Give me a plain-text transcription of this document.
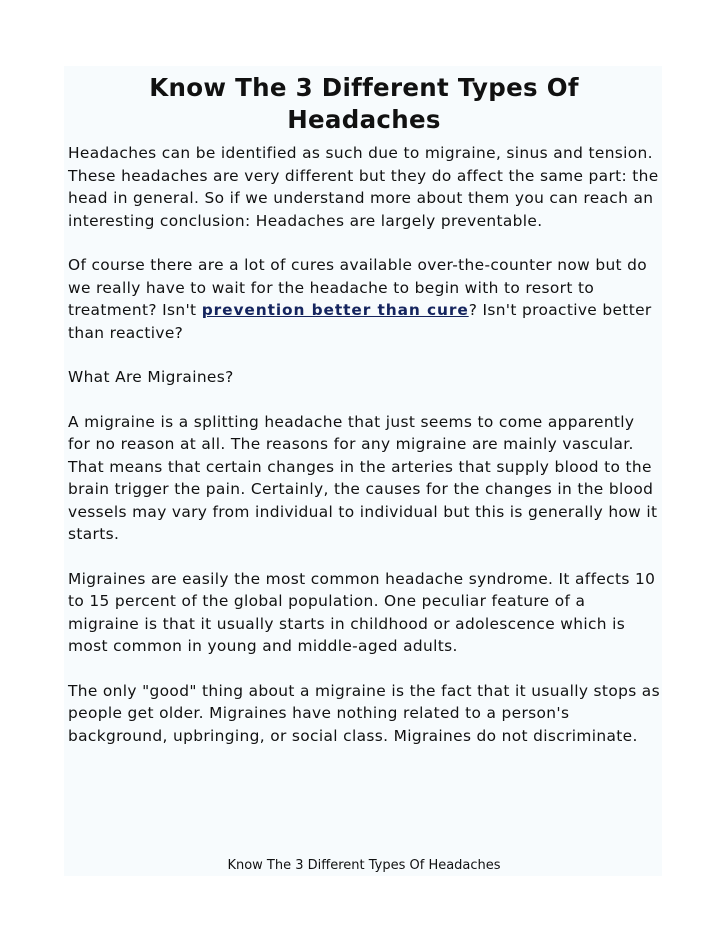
Know The 3 Different Types Of
Headaches

Headaches can be identified as such due to migraine, sinus and tension. These headaches are very different but they do affect the same part: the head in general. So if we understand more about them you can reach an interesting conclusion: Headaches are largely preventable.

Of course there are a lot of cures available over-the-counter now but do we really have to wait for the headache to begin with to resort to treatment? Isn't prevention better than cure? Isn't proactive better than reactive?

What Are Migraines?

A migraine is a splitting headache that just seems to come apparently for no reason at all. The reasons for any migraine are mainly vascular. That means that certain changes in the arteries that supply blood to the brain trigger the pain. Certainly, the causes for the changes in the blood vessels may vary from individual to individual but this is generally how it starts.

Migraines are easily the most common headache syndrome. It affects 10 to 15 percent of the global population. One peculiar feature of a migraine is that it usually starts in childhood or adolescence which is most common in young and middle-aged adults.

The only "good" thing about a migraine is the fact that it usually stops as people get older. Migraines have nothing related to a person's background, upbringing, or social class. Migraines do not discriminate.

Know The 3 Different Types Of Headaches
